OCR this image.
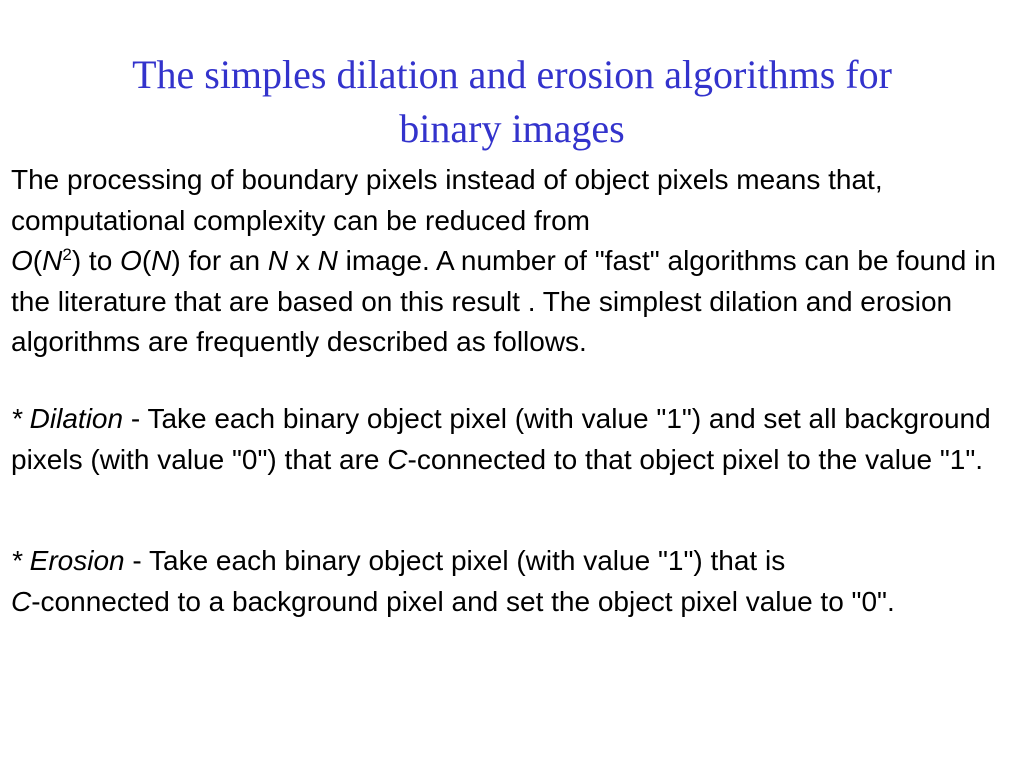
The simples dilation and erosion algorithms for
binary images

The processing of boundary pixels instead of object pixels means that, computational complexity can be reduced from
$O(N^2)$ to O(N) for an N x N image. A number of "fast" algorithms can be found in the literature that are based on this result . The simplest dilation and erosion algorithms are frequently described as follows.

* Dilation - Take each binary object pixel (with value "1") and set all background pixels (with value "0") that are C-connected to that object pixel to the value "1".

* Erosion - Take each binary object pixel (with value "1") that is
C-connected to a background pixel and set the object pixel value to "0".
